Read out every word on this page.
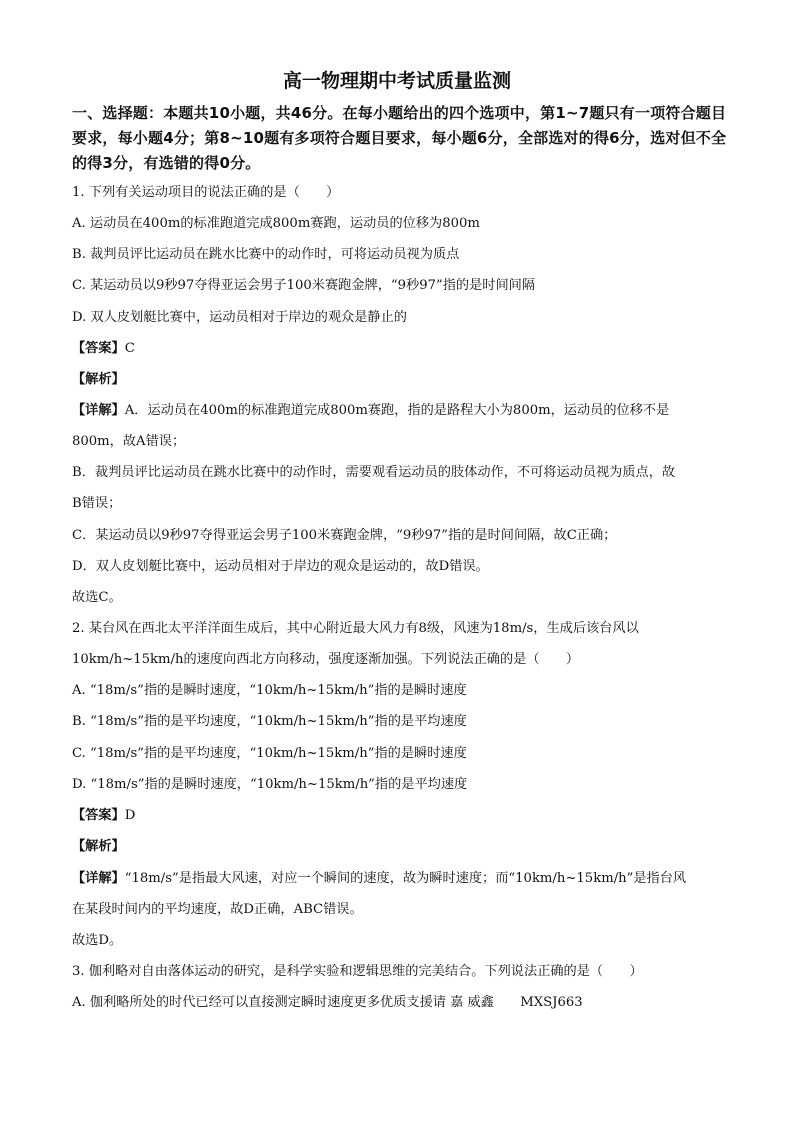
高一物理期中考试质量监测
一、选择题：本题共10小题，共46分。在每小题给出的四个选项中，第1~7题只有一项符合题目要求，每小题4分；第8~10题有多项符合题目要求，每小题6分，全部选对的得6分，选对但不全的得3分，有选错的得0分。
1. 下列有关运动项目的说法正确的是（　　）
A. 运动员在400m的标准跑道完成800m赛跑，运动员的位移为800m
B. 裁判员评比运动员在跳水比赛中的动作时，可将运动员视为质点
C. 某运动员以9秒97夺得亚运会男子100米赛跑金牌，“9秒97”指的是时间间隔
D. 双人皮划艇比赛中，运动员相对于岸边的观众是静止的
【答案】C
【解析】
【详解】A．运动员在400m的标准跑道完成800m赛跑，指的是路程大小为800m，运动员的位移不是
800m，故A错误；
B．裁判员评比运动员在跳水比赛中的动作时，需要观看运动员的肢体动作，不可将运动员视为质点，故
B错误；
C．某运动员以9秒97夺得亚运会男子100米赛跑金牌，“9秒97”指的是时间间隔，故C正确；
D．双人皮划艇比赛中，运动员相对于岸边的观众是运动的，故D错误。
故选C。
2. 某台风在西北太平洋洋面生成后，其中心附近最大风力有8级，风速为18m/s，生成后该台风以
10km/h~15km/h的速度向西北方向移动，强度逐渐加强。下列说法正确的是（　　）
A. “18m/s”指的是瞬时速度，“10km/h~15km/h”指的是瞬时速度
B. “18m/s”指的是平均速度，“10km/h~15km/h”指的是平均速度
C. “18m/s”指的是平均速度，“10km/h~15km/h”指的是瞬时速度
D. “18m/s”指的是瞬时速度，“10km/h~15km/h”指的是平均速度
【答案】D
【解析】
【详解】“18m/s”是指最大风速，对应一个瞬间的速度，故为瞬时速度；而“10km/h~15km/h”是指台风
在某段时间内的平均速度，故D正确，ABC错误。
故选D。
3. 伽利略对自由落体运动的研究，是科学实验和逻辑思维的完美结合。下列说法正确的是（　　）
A. 伽利略所处的时代已经可以直接测定瞬时速度更多优质支援请 嘉 威鑫　　MXSJ663
